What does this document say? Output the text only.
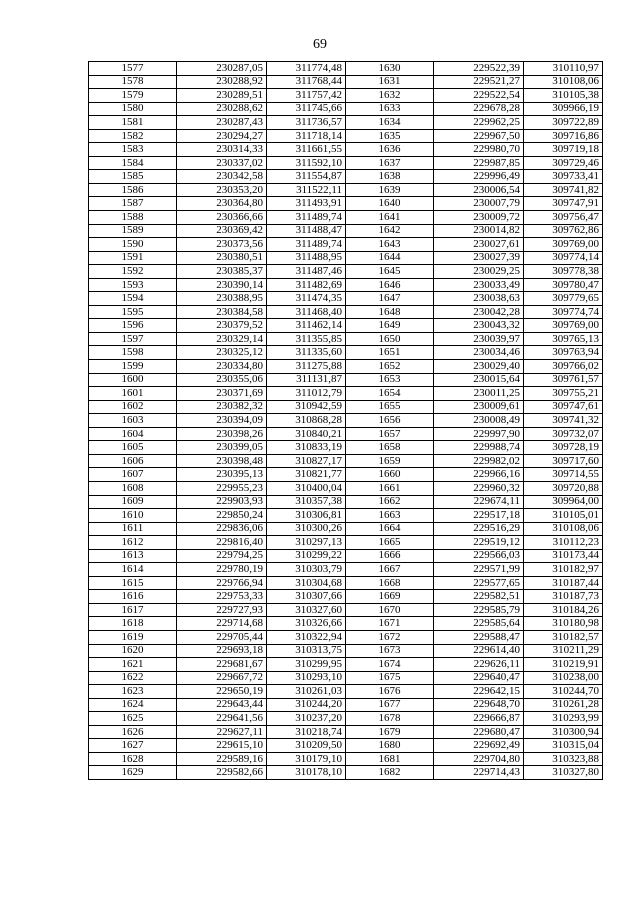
69
1577	230287,05	311774,48	1630	229522,39	310110,97
1578	230288,92	311768,44	1631	229521,27	310108,06
1579	230289,51	311757,42	1632	229522,54	310105,38
1580	230288,62	311745,66	1633	229678,28	309966,19
1581	230287,43	311736,57	1634	229962,25	309722,89
1582	230294,27	311718,14	1635	229967,50	309716,86
1583	230314,33	311661,55	1636	229980,70	309719,18
1584	230337,02	311592,10	1637	229987,85	309729,46
1585	230342,58	311554,87	1638	229996,49	309733,41
1586	230353,20	311522,11	1639	230006,54	309741,82
1587	230364,80	311493,91	1640	230007,79	309747,91
1588	230366,66	311489,74	1641	230009,72	309756,47
1589	230369,42	311488,47	1642	230014,82	309762,86
1590	230373,56	311489,74	1643	230027,61	309769,00
1591	230380,51	311488,95	1644	230027,39	309774,14
1592	230385,37	311487,46	1645	230029,25	309778,38
1593	230390,14	311482,69	1646	230033,49	309780,47
1594	230388,95	311474,35	1647	230038,63	309779,65
1595	230384,58	311468,40	1648	230042,28	309774,74
1596	230379,52	311462,14	1649	230043,32	309769,00
1597	230329,14	311355,85	1650	230039,97	309765,13
1598	230325,12	311335,60	1651	230034,46	309763,94
1599	230334,80	311275,88	1652	230029,40	309766,02
1600	230355,06	311131,87	1653	230015,64	309761,57
1601	230371,69	311012,79	1654	230011,25	309755,21
1602	230382,32	310942,59	1655	230009,61	309747,61
1603	230394,09	310868,28	1656	230008,49	309741,32
1604	230398,26	310840,21	1657	229997,90	309732,07
1605	230399,05	310833,19	1658	229988,74	309728,19
1606	230398,48	310827,17	1659	229982,02	309717,60
1607	230395,13	310821,77	1660	229966,16	309714,55
1608	229955,23	310400,04	1661	229960,32	309720,88
1609	229903,93	310357,38	1662	229674,11	309964,00
1610	229850,24	310306,81	1663	229517,18	310105,01
1611	229836,06	310300,26	1664	229516,29	310108,06
1612	229816,40	310297,13	1665	229519,12	310112,23
1613	229794,25	310299,22	1666	229566,03	310173,44
1614	229780,19	310303,79	1667	229571,99	310182,97
1615	229766,94	310304,68	1668	229577,65	310187,44
1616	229753,33	310307,66	1669	229582,51	310187,73
1617	229727,93	310327,60	1670	229585,79	310184,26
1618	229714,68	310326,66	1671	229585,64	310180,98
1619	229705,44	310322,94	1672	229588,47	310182,57
1620	229693,18	310313,75	1673	229614,40	310211,29
1621	229681,67	310299,95	1674	229626,11	310219,91
1622	229667,72	310293,10	1675	229640,47	310238,00
1623	229650,19	310261,03	1676	229642,15	310244,70
1624	229643,44	310244,20	1677	229648,70	310261,28
1625	229641,56	310237,20	1678	229666,87	310293,99
1626	229627,11	310218,74	1679	229680,47	310300,94
1627	229615,10	310209,50	1680	229692,49	310315,04
1628	229589,16	310179,10	1681	229704,80	310323,88
1629	229582,66	310178,10	1682	229714,43	310327,80
